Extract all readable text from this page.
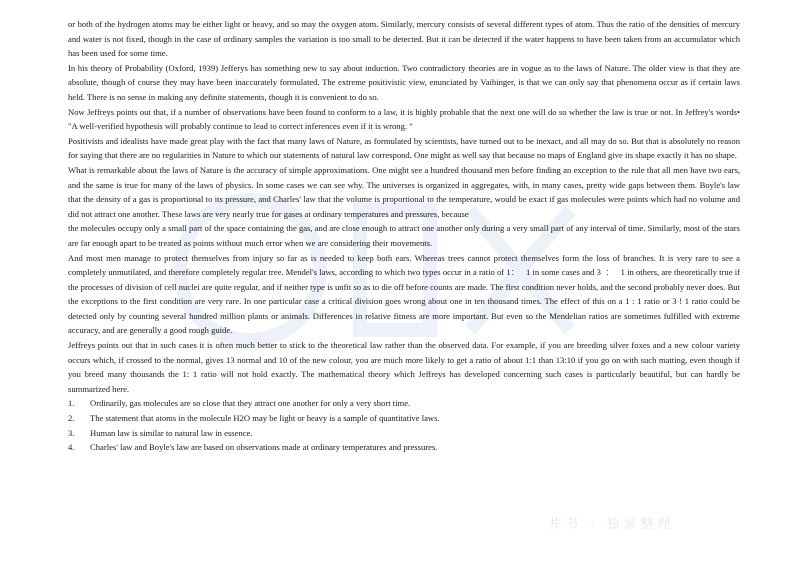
or both of the hydrogen atoms may be either light or heavy, and so may the oxygen atom. Similarly, mercury consists of several different types of atom. Thus the ratio of the densities of mercury and water is not fixed, though in the case of ordinary samples the variation is too small to be detected. But it can be detected if the water happens to have been taken from an accumulator which has been used for some time.

In his theory of Probability (Oxford, 1939) Jefferys has something new to say about induction. Two contradictory theories are in vogue as to the laws of Nature. The older view is that they are absolute, though of course they may have been inaccurately formulated. The extreme positivistic view, enunciated by Vaihinger, is that we can only say that phenomena occur as if certain laws held. There is no sense in making any definite statements, though it is convenient to do so.

Now Jeffreys points out that, if a number of observations have been found to conform to a law, it is highly probable that the next one will do so whether the law is true or not. In Jeffrey's words• "A well-verified hypothesis will probably continue to lead to correct inferences even if it is wrong. "

Positivists and idealists have made great play with the fact that many laws of Nature, as formulated by scientists, have turned out to be inexact, and all may do so. But that is absolutely no reason for saying that there are no regularities in Nature to which our statements of natural law correspond. One might as well say that because no maps of England give its shape exactly it has no shape.

What is remarkable about the laws of Nature is the accuracy of simple approximations. One might see a hundred thousand men before finding an exception to the rule that all men have two ears, and the same is true for many of the laws of physics. In some cases we can see why. The universes is organized in aggregates, with, in many cases, pretty wide gaps between them. Boyle's law that the density of a gas is proportional to its pressure, and Charles' law that the volume is proportional to the temperature, would be exact if gas molecules were points which had no volume and did not attract one another. These laws are very nearly true for gases at ordinary temperatures and pressures, because

the molecules occupy only a small part of the space containing the gas, and are close enough to attract one another only during a very small part of any interval of time. Similarly, most of the stars are far enough apart to be treated as points without much error when we are considering their movements.

And most men manage to protect themselves from injury so far as is needed to keep both ears. Whereas trees cannot protect themselves form the loss of branches. It is very rare to see a completely unmutilated, and therefore completely regular tree. Mendel's laws, according to which two types occur in a ratio of 1：   1 in some cases and 3  ：   1 in others, are theoretically true if the processes of division of cell nuclei are quite regular, and if neither type is unfit so as to die off before counts are made. The first condition never holds, and the second probably never does. But the exceptions to the first condition are very rare. In one particular case a critical division goes wrong about one in ten thousand times. The effect of this on a 1 : 1 ratio or 3 ! 1 ratio could be detected only by counting several hundred million plants or animals. Differences in relative fitness are more important. But even so the Mendelian ratios are sometimes fulfilled with extreme accuracy, and are generally a good rough guide.

Jeffreys points out that in such cases it is often much better to stick to the theoretical law rather than the observed data. For example, if you are breeding silver foxes and a new colour variety occurs which, if crossed to the normal, gives 13 normal and 10 of the new colour, you are much more likely to get a ratio of about 1:1 than 13:10 if you go on with such matting, even though if you breed many thousands the 1: 1 ratio will not hold exactly. The mathematical theory which Jeffreys has developed concerning such cases is particularly beautiful, but can hardly be summarized here.

1.	Ordinarily, gas molecules are so close that they attract one another for only a very short time.
2.	The statement that atoms in the molecule H2O may be light or heavy is a sample of quantitative laws.
3.	Human law is similar to natural law in essence.
4.	Charles' law and Boyle's law are based on observations made at ordinary temperatures and pressures.
井书 · 独家整理
